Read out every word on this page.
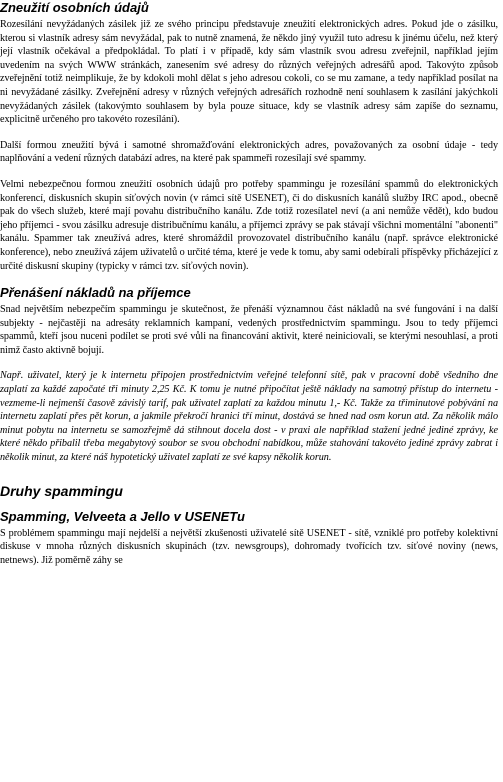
Zneužití osobních údajů

Rozesílání nevyžádaných zásilek již ze svého principu představuje zneužití elektronických adres. Pokud jde o zásilku, kterou si vlastník adresy sám nevyžádal, pak to nutně znamená, že někdo jiný využil tuto adresu k jinému účelu, než který její vlastník očekával a předpokládal. To platí i v případě, kdy sám vlastník svou adresu zveřejnil, například jejím uvedením na svých WWW stránkách, zanesením své adresy do různých veřejných adresářů apod. Takovýto způsob zveřejnění totiž neimplikuje, že by kdokoli mohl dělat s jeho adresou cokoli, co se mu zamane, a tedy například posílat na ni nevyžádané zásilky. Zveřejnění adresy v různých veřejných adresářích rozhodně není souhlasem k zasílání jakýchkoli nevyžádaných zásilek (takovýmto souhlasem by byla pouze situace, kdy se vlastník adresy sám zapíše do seznamu, explicitně určeného pro takovéto rozesílání).

Další formou zneužití bývá i samotné shromažďování elektronických adres, považovaných za osobní údaje - tedy naplňování a vedení různých databází adres, na které pak spammeři rozesílají své spammy.

Velmi nebezpečnou formou zneužití osobních údajů pro potřeby spammingu je rozesílání spammů do elektronických konferencí, diskusních skupin síťových novin (v rámci sítě USENET), či do diskusních kanálů služby IRC apod., obecně pak do všech služeb, které mají povahu distribučního kanálu. Zde totiž rozesílatel neví (a ani nemůže vědět), kdo budou jeho příjemci - svou zásilku adresuje distribučnímu kanálu, a příjemci zprávy se pak stávají všichni momentální "abonenti" kanálu. Spammer tak zneužívá adres, které shromáždil provozovatel distribučního kanálu (např. správce elektronické konference), nebo zneužívá zájem uživatelů o určité téma, které je vede k tomu, aby sami odebírali příspěvky přicházející z určité diskusní skupiny (typicky v rámci tzv. síťových novin).

Přenášení nákladů na příjemce

Snad největším nebezpečím spammingu je skutečnost, že přenáší významnou část nákladů na své fungování i na další subjekty - nejčastěji na adresáty reklamních kampaní, vedených prostřednictvím spammingu. Jsou to tedy příjemci spammů, kteří jsou nuceni podílet se proti své vůli na financování aktivit, které neiniciovali, se kterými nesouhlasí, a proti nimž často aktivně bojují.

Např. uživatel, který je k internetu připojen prostřednictvím veřejné telefonní sítě, pak v pracovní době všedního dne zaplatí za každé započaté tři minuty 2,25 Kč. K tomu je nutné připočítat ještě náklady na samotný přístup do internetu - vezmeme-li nejmenší časově závislý tarif, pak uživatel zaplatí za každou minutu 1,- Kč. Takže za třiminutové pobývání na internetu zaplatí přes pět korun, a jakmile překročí hranici tří minut, dostává se hned nad osm korun atd. Za několik málo minut pobytu na internetu se samozřejmě dá stihnout docela dost - v praxi ale například stažení jedné jediné zprávy, ke které někdo přibalil třeba megabytový soubor se svou obchodní nabídkou, může stahování takovéto jediné zprávy zabrat i několik minut, za které náš hypotetický uživatel zaplatí ze své kapsy několik korun.

Druhy spammingu
Spamming, Velveeta a Jello v USENETu

S problémem spammingu mají nejdelší a největší zkušenosti uživatelé sítě USENET - sítě, vzniklé pro potřeby kolektivní diskuse v mnoha různých diskusních skupinách (tzv. newsgroups), dohromady tvořících tzv. síťové noviny (news, netnews). Již poměrně záhy se
